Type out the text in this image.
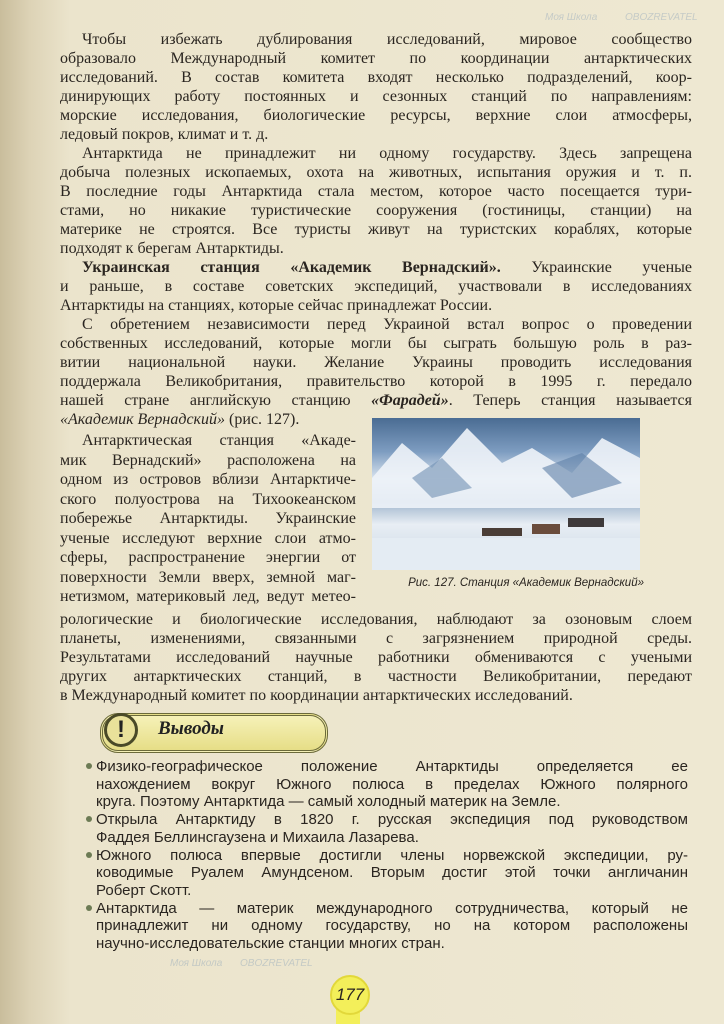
Чтобы избежать дублирования исследований, мировое сообщество
образовало Международный комитет по координации антарктических
исследований. В состав комитета входят несколько подразделений, коор-
динирующих работу постоянных и сезонных станций по направлениям:
морские исследования, биологические ресурсы, верхние слои атмосферы,
ледовый покров, климат и т. д.
Антарктида не принадлежит ни одному государству. Здесь запрещена
добыча полезных ископаемых, охота на животных, испытания оружия и т. п.
В последние годы Антарктида стала местом, которое часто посещается тури-
стами, но никакие туристические сооружения (гостиницы, станции) на
материке не строятся. Все туристы живут на туристских кораблях, которые
подходят к берегам Антарктиды.
Украинская станция «Академик Вернадский». Украинские ученые
и раньше, в составе советских экспедиций, участвовали в исследованиях
Антарктиды на станциях, которые сейчас принадлежат России.
С обретением независимости перед Украиной встал вопрос о проведении
собственных исследований, которые могли бы сыграть большую роль в раз-
витии национальной науки. Желание Украины проводить исследования
поддержала Великобритания, правительство которой в 1995 г. передало
нашей стране английскую станцию «Фарадей». Теперь станция называется
«Академик Вернадский» (рис. 127).
Рис. 127. Станция «Академик Вернадский»
!	Выводы
Физико-географическое положение Антарктиды определяется ее
нахождением вокруг Южного полюса в пределах Южного полярного
круга. Поэтому Антарктида — самый холодный материк на Земле.
Открыла Антарктиду в 1820 г. русская экспедиция под руководством
Фаддея Беллинсгаузена и Михаила Лазарева.
Южного полюса впервые достигли члены норвежской экспедиции, ру-
ководимые Руалем Амундсеном. Вторым достиг этой точки англичанин
Роберт Скотт.
Антарктида — материк международного сотрудничества, который не
принадлежит ни одному государству, но на котором расположены
научно-исследовательские станции многих стран.
177
Моя Школа	OBOZREVATEL
Моя Школа OBOZREVATEL
Антарктическая станция «Акаде-
мик Вернадский» расположена на
одном из островов вблизи Антарктиче-
ского полуострова на Тихоокеанском
побережье Антарктиды. Украинские
ученые исследуют верхние слои атмо-
сферы, распространение энергии от
поверхности Земли вверх, земной маг-
нетизмом, материковый лед, ведут метео-
рологические и биологические исследования, наблюдают за озоновым слоем
планеты, изменениями, связанными с загрязнением природной среды.
Результатами исследований научные работники обмениваются с учеными
других антарктических станций, в частности Великобритании, передают
в Международный комитет по координации антарктических исследований.
